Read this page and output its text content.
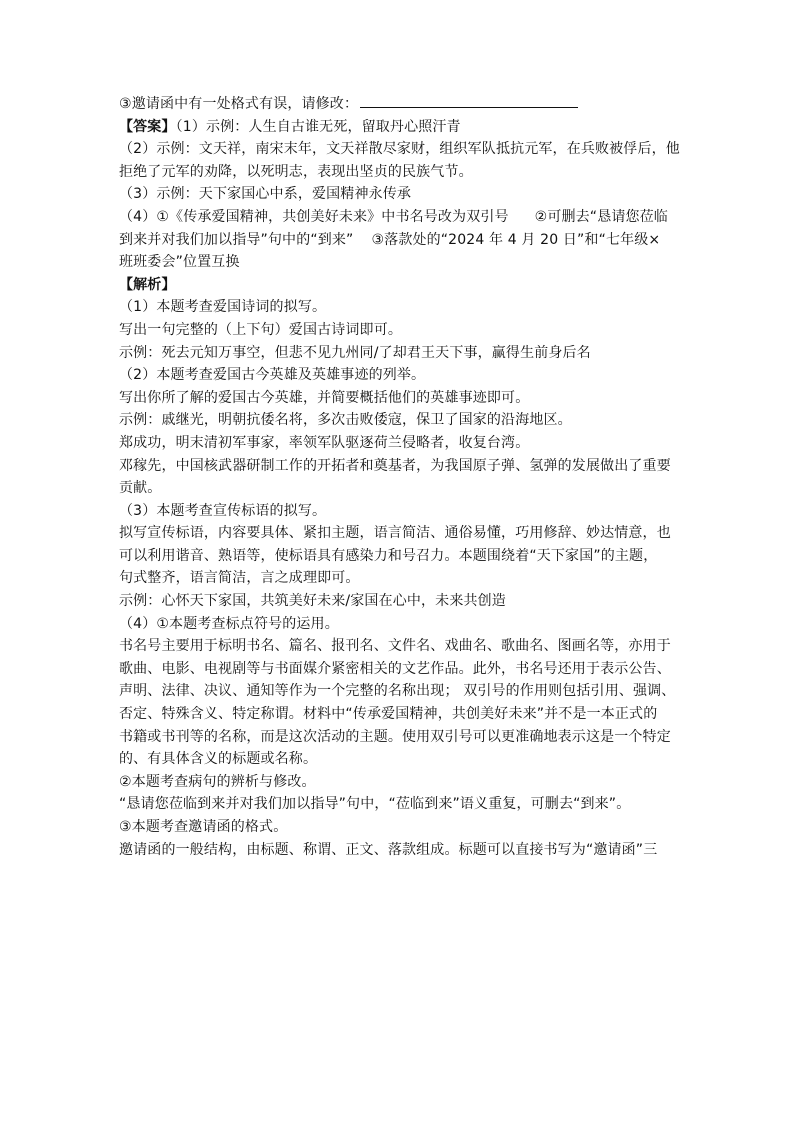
③邀请函中有一处格式有误，请修改：
【答案】（1）示例：人生自古谁无死，留取丹心照汗青
（2）示例：文天祥，南宋末年，文天祥散尽家财，组织军队抵抗元军，在兵败被俘后，他
拒绝了元军的劝降，以死明志，表现出坚贞的民族气节。
（3）示例：天下家国心中系，爱国精神永传承
（4）①《传承爱国精神，共创美好未来》中书名号改为双引号 ②可删去“恳请您莅临
到来并对我们加以指导”句中的“到来” ③落款处的“2024 年 4 月 20 日”和“七年级×
班班委会”位置互换
【解析】
（1）本题考查爱国诗词的拟写。
写出一句完整的（上下句）爱国古诗词即可。
示例：死去元知万事空，但悲不见九州同/了却君王天下事，赢得生前身后名
（2）本题考查爱国古今英雄及英雄事迹的列举。
写出你所了解的爱国古今英雄，并简要概括他们的英雄事迹即可。
示例：戚继光，明朝抗倭名将，多次击败倭寇，保卫了国家的沿海地区。
郑成功，明末清初军事家，率领军队驱逐荷兰侵略者，收复台湾。
邓稼先，中国核武器研制工作的开拓者和奠基者，为我国原子弹、氢弹的发展做出了重要
贡献。
（3）本题考查宣传标语的拟写。
拟写宣传标语，内容要具体、紧扣主题，语言简洁、通俗易懂，巧用修辞、妙达情意，也
可以利用谐音、熟语等，使标语具有感染力和号召力。本题围绕着“天下家国”的主题，
句式整齐，语言简洁，言之成理即可。
示例：心怀天下家国，共筑美好未来/家国在心中，未来共创造
（4）①本题考查标点符号的运用。
书名号主要用于标明书名、篇名、报刊名、文件名、戏曲名、歌曲名、图画名等，亦用于
歌曲、电影、电视剧等与书面媒介紧密相关的文艺作品。此外，书名号还用于表示公告、
声明、法律、决议、通知等作为一个完整的名称出现； 双引号的作用则包括引用、强调、
否定、特殊含义、特定称谓。材料中“传承爱国精神，共创美好未来”并不是一本正式的
书籍或书刊等的名称，而是这次活动的主题。使用双引号可以更准确地表示这是一个特定
的、有具体含义的标题或名称。
②本题考查病句的辨析与修改。
“恳请您莅临到来并对我们加以指导”句中，“莅临到来”语义重复，可删去“到来”。
③本题考查邀请函的格式。
邀请函的一般结构，由标题、称谓、正文、落款组成。标题可以直接书写为“邀请函”三
